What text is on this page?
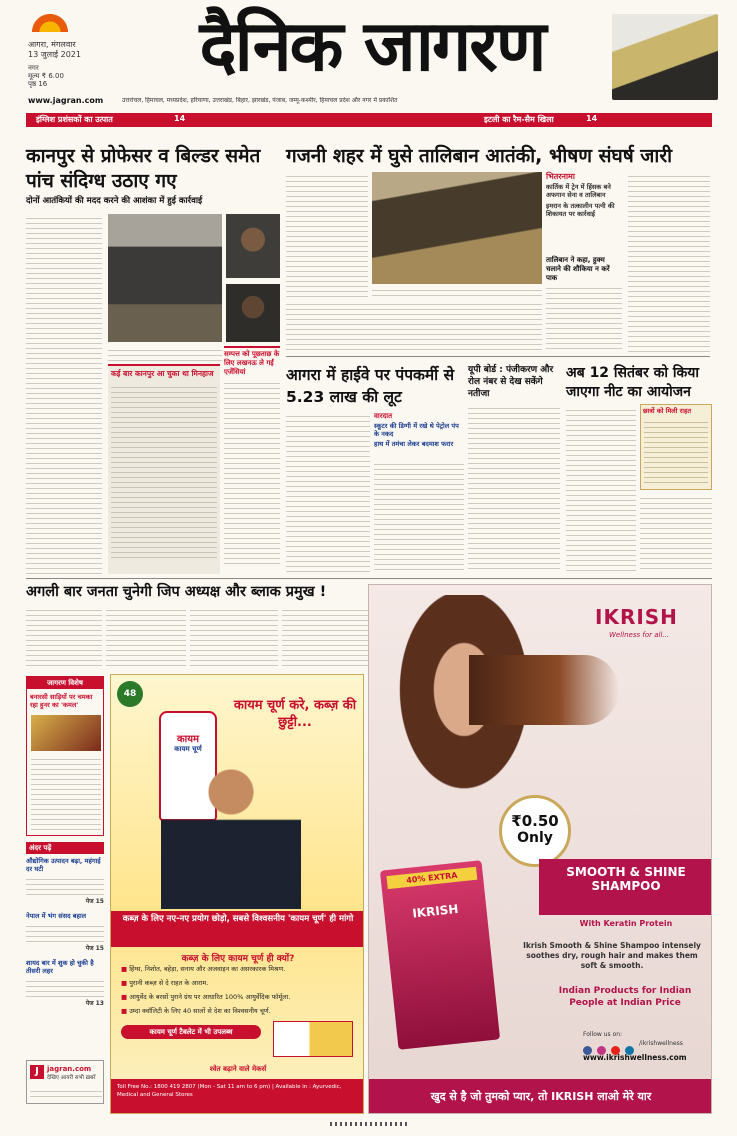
आगरा, मंगलवार
13 जुलाई 2021
नगर
मूल्य ₹ 6.00
पृष्ठ 16	दैनिक जागरण
www.jagran.com	उत्तरांचल, हिमाचल, मध्यप्रदेश, हरियाणा, उत्तराखंड, बिहार, झारखंड, पंजाब, जम्मू-कश्मीर, हिमाचल प्रदेश और नगर में प्रकाशित
इंग्लिश प्रशंसकों का उत्पात	14	इटली का रैम-सैम खिला	14
कानपुर से प्रोफेसर व बिल्डर समेत पांच संदिग्ध उठाए गए
दोनों आतंकियों की मदद करने की आशंका में हुई कार्रवाई
कई बार कानपुर आ चुका था मिनहाज
सम्पत्त को पूछताछ के लिए लखनऊ ले गईं एजेंसियां
गजनी शहर में घुसे तालिबान आतंकी, भीषण संघर्ष जारी
भितरनामा
कार्तिक में ट्रेन में हिंसक बने अफगान सेना व तालिबान
इमरान के तत्कालीन पत्नी की शिकायत पर कार्रवाई
तालिबान ने कहा, हुक्म चलाने की शौकिया न करें पाक
आगरा में हाईवे पर पंपकर्मी से 5.23 लाख की लूट
वारदात
स्कूटर की डिग्गी में रखे थे पेट्रोल पंप के नकद
हाथ में तमंचा लेकर बदमाश फरार
यूपी बोर्ड : पंजीकरण और रोल नंबर से देख सकेंगे नतीजा
अब 12 सितंबर को किया जाएगा नीट का आयोजन
छात्रों को मिली राहत
अगली बार जनता चुनेगी जिप अध्यक्ष और ब्लाक प्रमुख !
जागरण विशेष
बनारसी साड़ियों पर चमका रहा हुनर का 'कमल'
अंदर पढ़ें
औद्योगिक उत्पादन बढ़ा, महंगाई दर घटी
पेज 15
नेपाल में भंग संसद बहाल
पेज 15
शायद बार में शुक हो चुकी है तीसरी लहर
पेज 13
J	jagran.com
देखिए आयरी सभी ख़बरें
48
कायम चूर्ण करे, कब्ज़ की छुट्टी...
कायम
कायम चूर्ण
कब्ज़ के लिए नए-नए प्रयोग छोड़ो, सबसे विश्वसनीय 'कायम चूर्ण' ही मांगो
कब्ज़ के लिए कायम चूर्ण ही क्यों?
■ हिंग्स, निशोत, बहेड़ा, सनाय और अजवाइन का असरकारक मिश्रण.
■ पुरानी कब्ज़ से दे राहत के आराम.
■ आयुर्वेद के बरसों पुराने ग्रंथ पर आधारित 100% आयुर्वेदिक फॉर्मूला.
■ उम्दा क्वॉलिटी के लिए 40 सालों से देश का विश्वसनीय चूर्ण.
कायम चूर्ण टैबलेट में भी उपलब्ध
श्वेत बढ़ाने वाले मेकर्स
Toll Free No.: 1800 419 2807 (Mon - Sat 11 am to 6 pm) | Available in : Ayurvedic, Medical and General Stores
IKRISH
Wellness for all...
₹0.50
Only
40% EXTRA
IKRISH
SMOOTH & SHINE SHAMPOO
With Keratin Protein
Ikrish Smooth & Shine Shampoo intensely soothes dry, rough hair and makes them soft & smooth.
Indian Products for Indian People at Indian Price
Follow us on:

/ikrishwellness
www.ikrishwellness.com
खुद से है जो तुमको प्यार, तो IKRISH लाओ मेरे यार
